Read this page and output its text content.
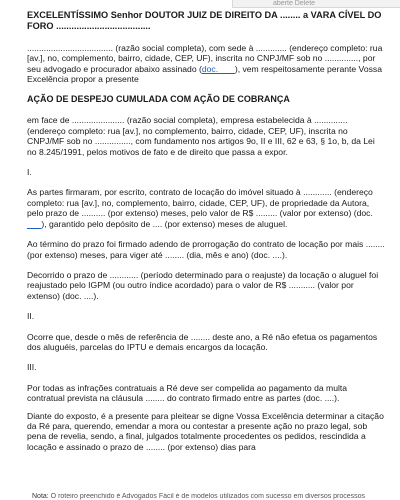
aberte Delete

EXCELENTÍSSIMO Senhor DOUTOR JUIZ DE DIREITO DA ........ a VARA CÍVEL DO FORO .....................................

.................................... (razão social completa), com sede à ............. (endereço completo: rua [av.], no, complemento, bairro, cidade, CEP, UF), inscrita no CNPJ/MF sob no .............., por seu advogado e procurador abaixo assinado (doc. ___), vem respeitosamente perante Vossa Excelência propor a presente

AÇÃO DE DESPEJO CUMULADA COM AÇÃO DE COBRANÇA

em face de ...................... (razão social completa), empresa estabelecida à .............. (endereço completo: rua [av.], no complemento, bairro, cidade, CEP, UF), inscrita no CNPJ/MF sob no ..............., com fundamento nos artigos 9o, II e III, 62 e 63, § 1o, b, da Lei no 8.245/1991, pelos motivos de fato e de direito que passa a expor.

I.

As partes firmaram, por escrito, contrato de locação do imóvel situado à ............ (endereço completo: rua [av.], no, complemento, bairro, cidade, CEP, UF), de propriedade da Autora, pelo prazo de .......... (por extenso) meses, pelo valor de R$ ......... (valor por extenso) (doc. ___), garantido pelo depósito de .... (por extenso) meses de aluguel.

Ao término do prazo foi firmado adendo de prorrogação do contrato de locação por mais ........ (por extenso) meses, para viger até ........ (dia, mês e ano) (doc. ....).

Decorrido o prazo de ............ (período determinado para o reajuste) da locação o aluguel foi reajustado pelo IGPM (ou outro índice acordado) para o valor de R$ ........... (valor por extenso) (doc. ....).

II.

Ocorre que, desde o mês de referência de ........ deste ano, a Ré não efetua os pagamentos dos aluguéis, parcelas do IPTU e demais encargos da locação.

III.

Por todas as infrações contratuais a Ré deve ser compelida ao pagamento da multa contratual prevista na cláusula ........ do contrato firmado entre as partes (doc. ....).

Diante do exposto, é a presente para pleitear se digne Vossa Excelência determinar a citação da Ré para, querendo, emendar a mora ou contestar a presente ação no prazo legal, sob pena de revelia, sendo, a final, julgados totalmente procedentes os pedidos, rescindida a locação e assinado o prazo de ........ (por extenso) dias para

Nota: O roteiro preenchido é Advogados Fácil é de modelos utilizados com sucesso em diversos processos
